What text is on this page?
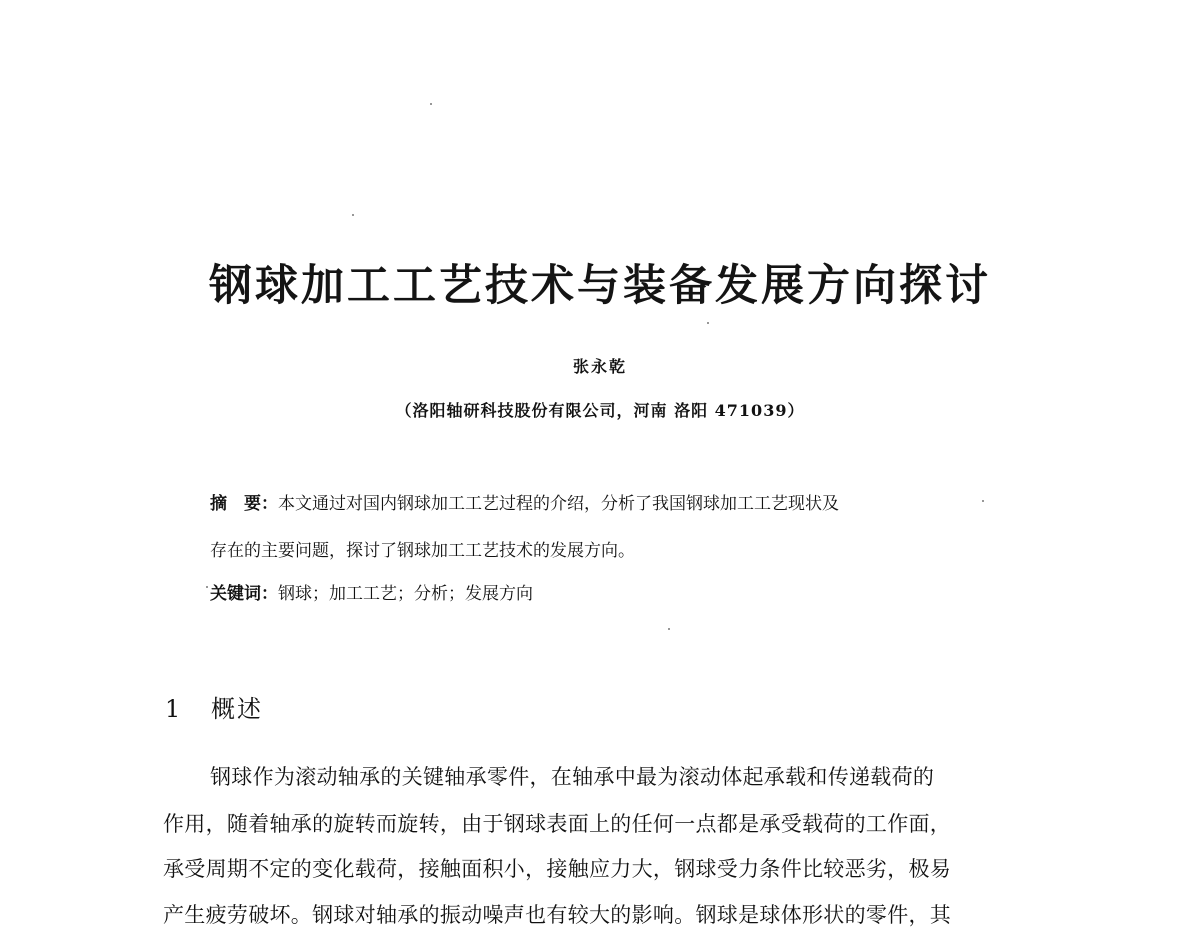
钢球加工工艺技术与装备发展方向探讨
张永乾
（洛阳轴研科技股份有限公司，河南 洛阳 471039）
摘　要：本文通过对国内钢球加工工艺过程的介绍，分析了我国钢球加工工艺现状及
存在的主要问题，探讨了钢球加工工艺技术的发展方向。
关键词：钢球；加工工艺；分析；发展方向
1 概述
钢球作为滚动轴承的关键轴承零件，在轴承中最为滚动体起承载和传递载荷的
作用，随着轴承的旋转而旋转，由于钢球表面上的任何一点都是承受载荷的工作面，
承受周期不定的变化载荷，接触面积小，接触应力大，钢球受力条件比较恶劣，极易
产生疲劳破坏。钢球对轴承的振动噪声也有较大的影响。钢球是球体形状的零件，其
